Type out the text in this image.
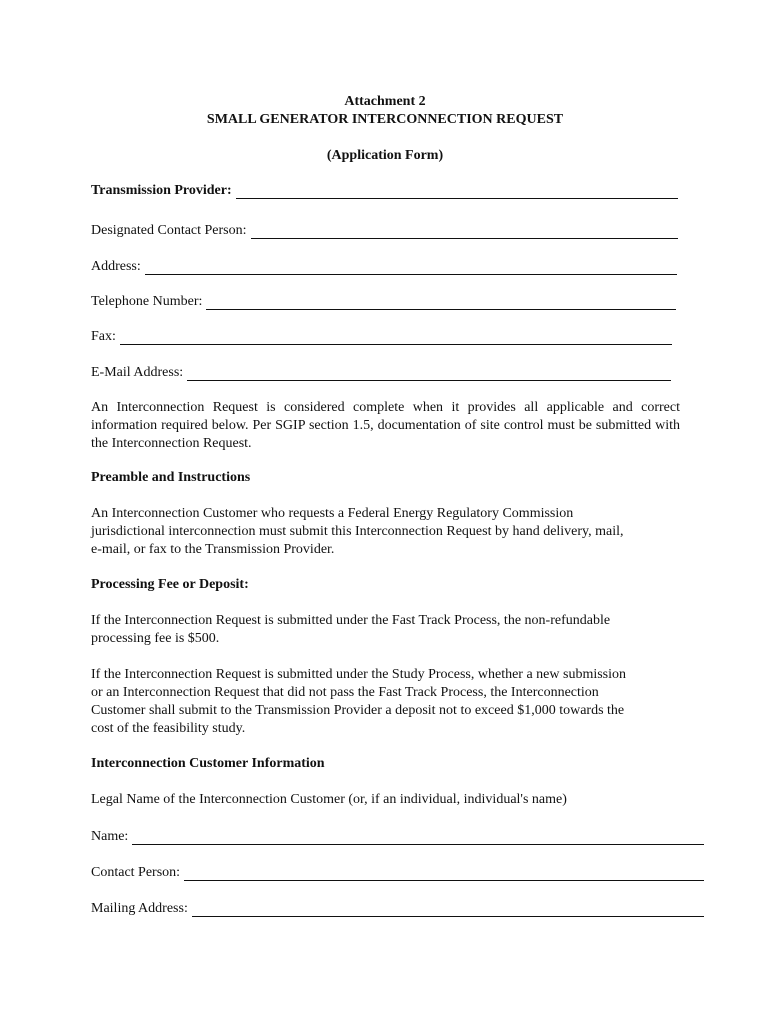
Attachment 2
SMALL GENERATOR INTERCONNECTION REQUEST
(Application Form)
Transmission Provider:
Designated Contact Person:
Address:
Telephone Number:
Fax:
E-Mail Address:
An Interconnection Request is considered complete when it provides all applicable and correct information required below. Per SGIP section 1.5, documentation of site control must be submitted with the Interconnection Request.
Preamble and Instructions
An Interconnection Customer who requests a Federal Energy Regulatory Commission
jurisdictional interconnection must submit this Interconnection Request by hand delivery, mail,
e-mail, or fax to the Transmission Provider.
Processing Fee or Deposit:
If the Interconnection Request is submitted under the Fast Track Process, the non-refundable
processing fee is $500.
If the Interconnection Request is submitted under the Study Process, whether a new submission
or an Interconnection Request that did not pass the Fast Track Process, the Interconnection
Customer shall submit to the Transmission Provider a deposit not to exceed $1,000 towards the
cost of the feasibility study.
Interconnection Customer Information
Legal Name of the Interconnection Customer (or, if an individual, individual's name)
Name:
Contact Person:
Mailing Address:
